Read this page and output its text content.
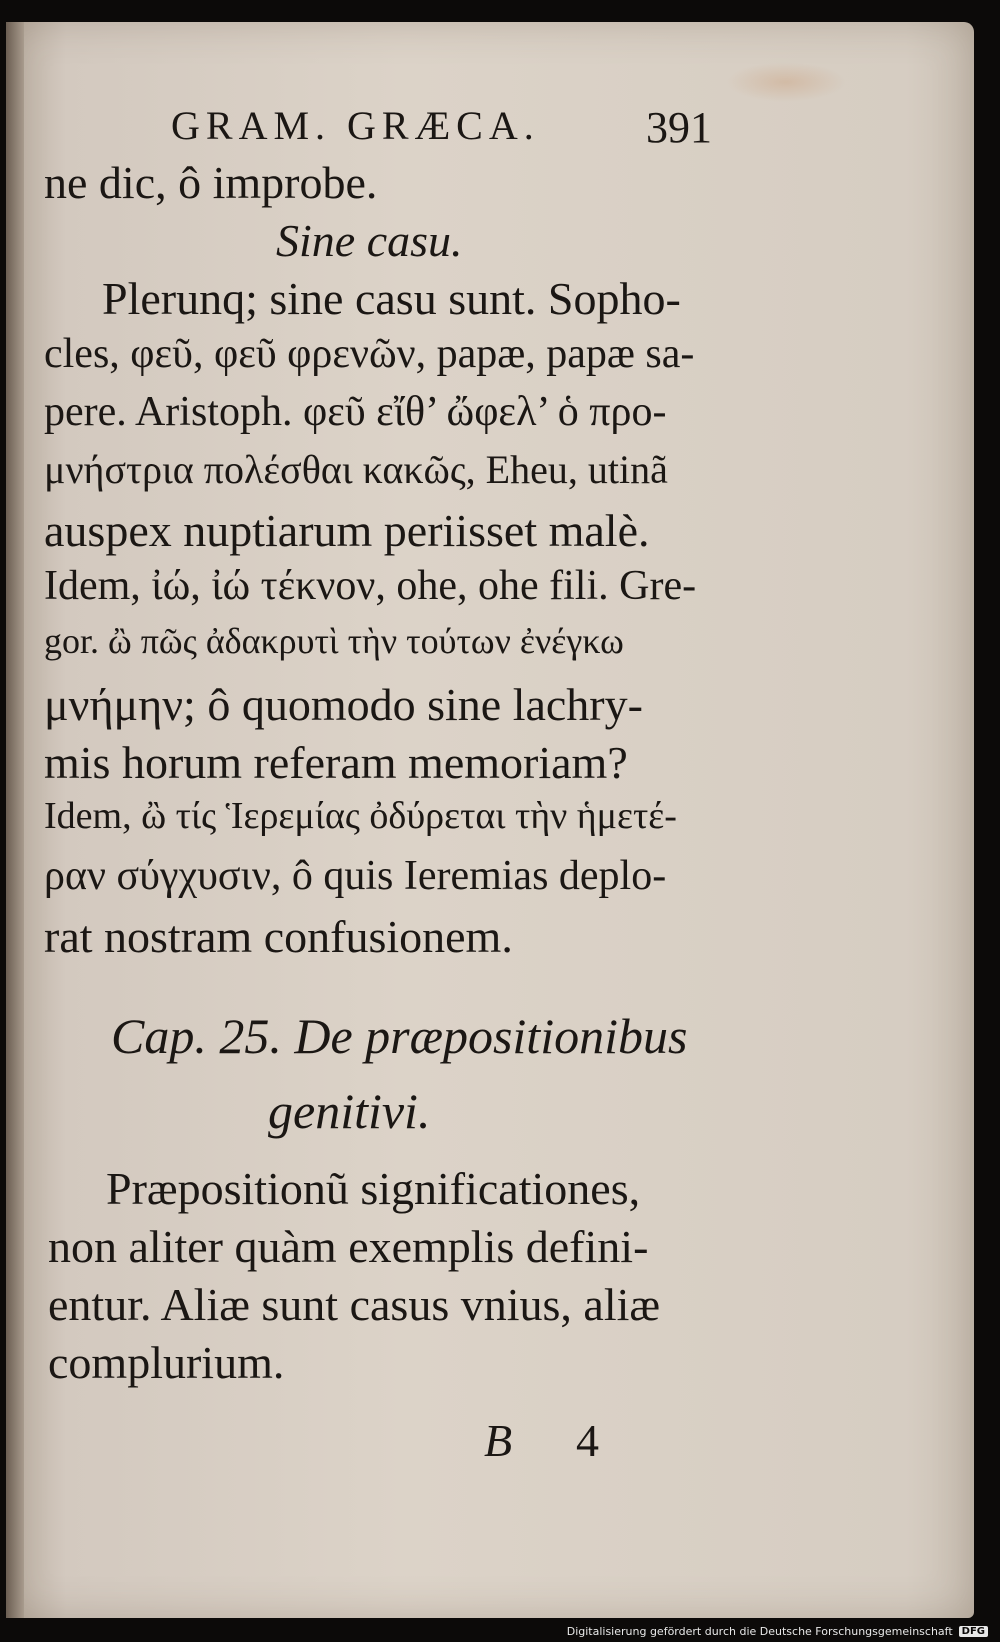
GRAM. GRÆCA. 391
ne dic, ô improbe.
Sine casu.
Plerunq; sine casu sunt. Sopho-
cles, φεῦ, φεῦ φρενῶν, papæ, papæ sa-
pere. Aristoph. φεῦ εἴθ’ ὤφελ’ ὁ προ-
μνήστρια πολέσθαι κακῶς, Eheu, utinã
auspex nuptiarum periisset malè.
Idem, ἰώ, ἰώ τέκνον, ohe, ohe fili. Gre-
gor. ὢ πῶς ἀδακρυτὶ τὴν τούτων ἐνέγκω
μνήμην; ô quomodo sine lachry-
mis horum referam memoriam?
Idem, ὢ τίς Ἱερεμίας ὀδύρεται τὴν ἡμετέ-
ραν σύγχυσιν, ô quis Ieremias deplo-
rat nostram confusionem.
Cap. 25. De præpositionibus
genitivi.
Præpositionũ significationes,
non aliter quàm exemplis defini-
entur. Aliæ sunt casus vnius, aliæ
complurium.
B 4
Digitalisierung gefördert durch die Deutsche Forschungsgemeinschaft DFG
